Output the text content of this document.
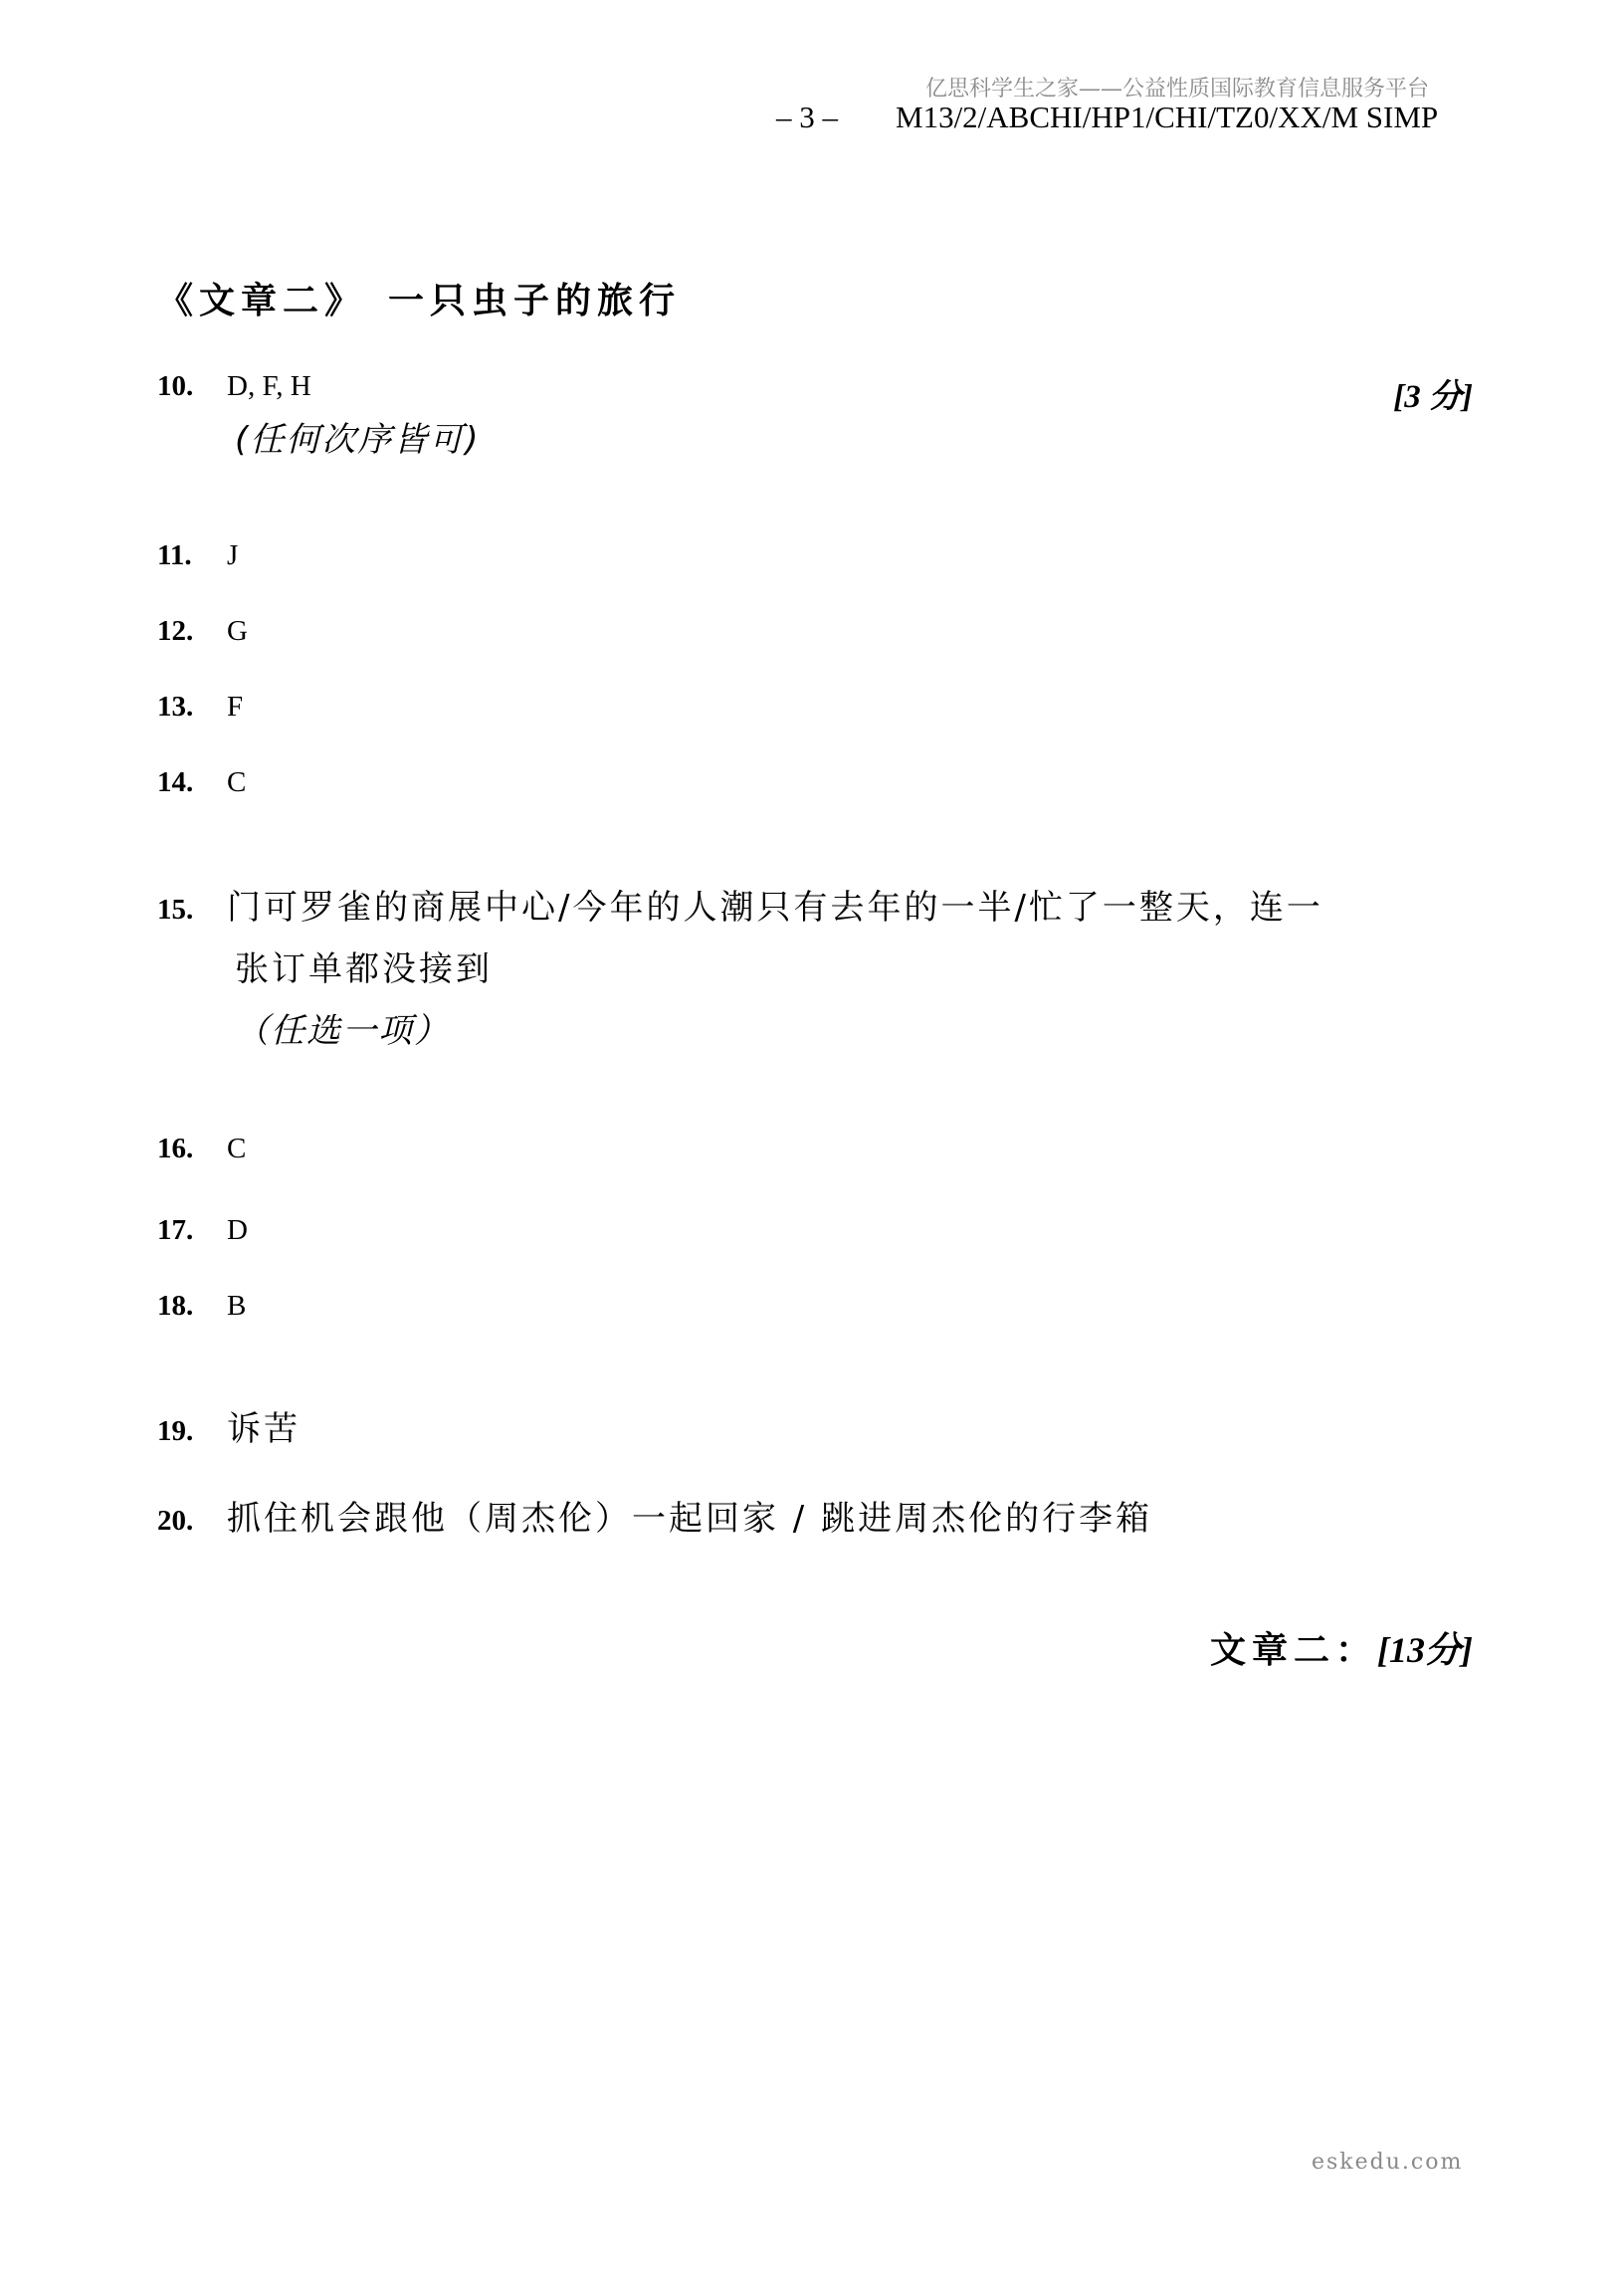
亿思科学生之家——公益性质国际教育信息服务平台
– 3 – M13/2/ABCHI/HP1/CHI/TZ0/XX/M SIMP
《文章二》 一只虫子的旅行
10. D, F, H
(任何次序皆可)
[3 分]
11. J
12. G
13. F
14. C
15. 门可罗雀的商展中心/今年的人潮只有去年的一半/忙了一整天，连一
张订单都没接到
（任选一项）
16. C
17. D
18. B
19. 诉苦
20. 抓住机会跟他（周杰伦）一起回家 / 跳进周杰伦的行李箱
文章二：[13分]
eskedu.com
